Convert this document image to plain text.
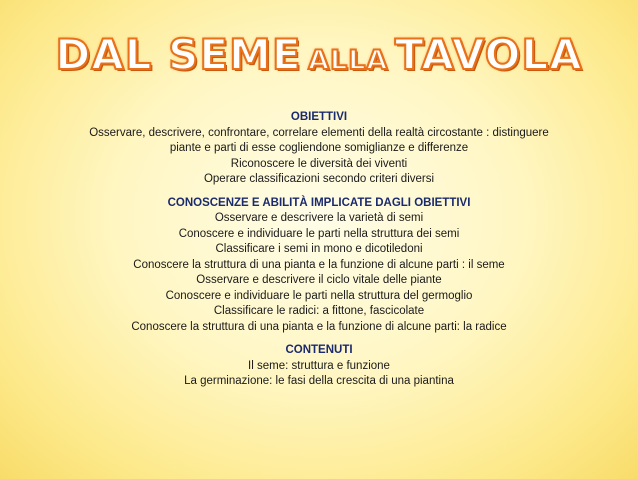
DAL SEME ALLA TAVOLA

OBIETTIVI

Osservare, descrivere, confrontare, correlare elementi della realtà circostante : distinguere

piante e parti di esse cogliendone somiglianze e differenze

Riconoscere le diversità dei viventi

Operare classificazioni secondo criteri diversi

CONOSCENZE E ABILITÀ IMPLICATE DAGLI OBIETTIVI

Osservare e descrivere la varietà di semi

Conoscere e individuare le parti nella struttura dei semi

Classificare i semi in mono e dicotiledoni

Conoscere la struttura di una pianta e la funzione di alcune parti : il seme

Osservare e descrivere il ciclo vitale delle piante

Conoscere e individuare le parti nella struttura del germoglio

Classificare le radici: a fittone, fascicolate

Conoscere la struttura di una pianta e la funzione di alcune parti: la radice

CONTENUTI

Il seme: struttura e funzione

La germinazione: le fasi della crescita di una piantina
